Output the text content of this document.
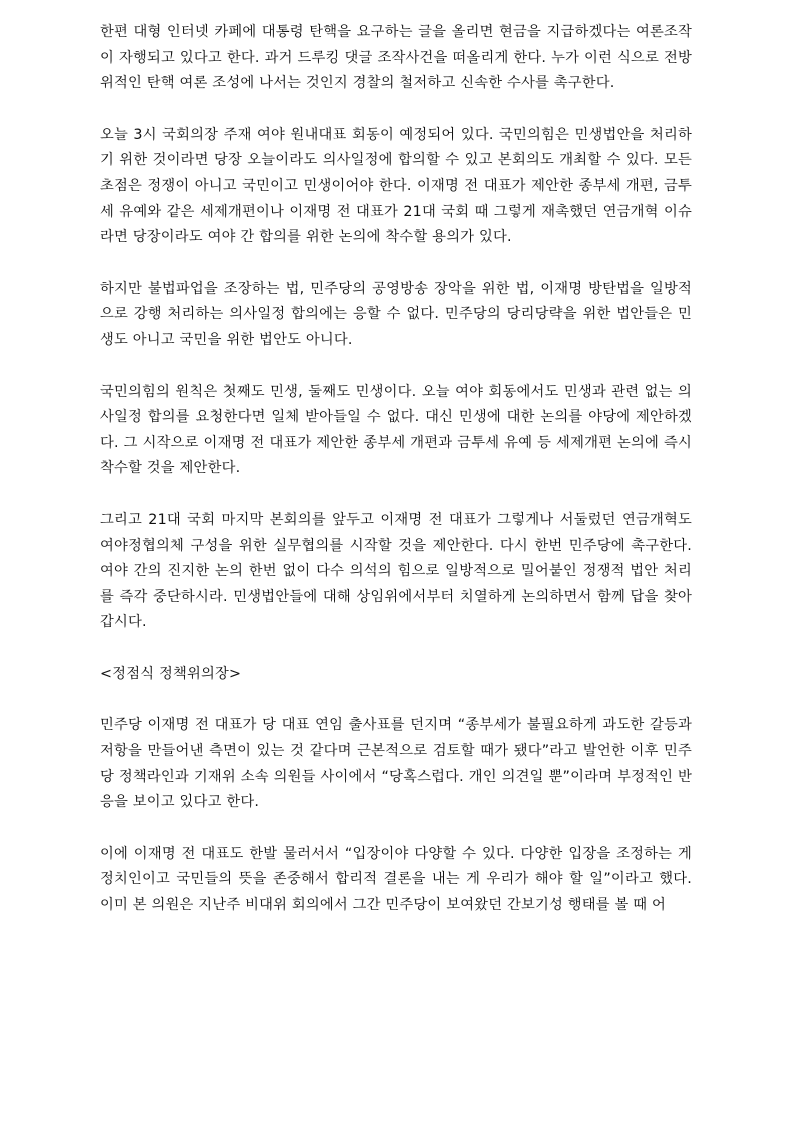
한편 대형 인터넷 카페에 대통령 탄핵을 요구하는 글을 올리면 현금을 지급하겠다는 여론조작이 자행되고 있다고 한다. 과거 드루킹 댓글 조작사건을 떠올리게 한다. 누가 이런 식으로 전방위적인 탄핵 여론 조성에 나서는 것인지 경찰의 철저하고 신속한 수사를 촉구한다.

오늘 3시 국회의장 주재 여야 원내대표 회동이 예정되어 있다. 국민의힘은 민생법안을 처리하기 위한 것이라면 당장 오늘이라도 의사일정에 합의할 수 있고 본회의도 개최할 수 있다. 모든 초점은 정쟁이 아니고 국민이고 민생이어야 한다. 이재명 전 대표가 제안한 종부세 개편, 금투세 유예와 같은 세제개편이나 이재명 전 대표가 21대 국회 때 그렇게 재촉했던 연금개혁 이슈라면 당장이라도 여야 간 합의를 위한 논의에 착수할 용의가 있다.

하지만 불법파업을 조장하는 법, 민주당의 공영방송 장악을 위한 법, 이재명 방탄법을 일방적으로 강행 처리하는 의사일정 합의에는 응할 수 없다. 민주당의 당리당략을 위한 법안들은 민생도 아니고 국민을 위한 법안도 아니다.

국민의힘의 원칙은 첫째도 민생, 둘째도 민생이다. 오늘 여야 회동에서도 민생과 관련 없는 의사일정 합의를 요청한다면 일체 받아들일 수 없다. 대신 민생에 대한 논의를 야당에 제안하겠다. 그 시작으로 이재명 전 대표가 제안한 종부세 개편과 금투세 유예 등 세제개편 논의에 즉시 착수할 것을 제안한다.

그리고 21대 국회 마지막 본회의를 앞두고 이재명 전 대표가 그렇게나 서둘렀던 연금개혁도 여야정협의체 구성을 위한 실무협의를 시작할 것을 제안한다. 다시 한번 민주당에 촉구한다. 여야 간의 진지한 논의 한번 없이 다수 의석의 힘으로 일방적으로 밀어붙인 정쟁적 법안 처리를 즉각 중단하시라. 민생법안들에 대해 상임위에서부터 치열하게 논의하면서 함께 답을 찾아갑시다.

<정점식 정책위의장>

민주당 이재명 전 대표가 당 대표 연임 출사표를 던지며 “종부세가 불필요하게 과도한 갈등과 저항을 만들어낸 측면이 있는 것 같다며 근본적으로 검토할 때가 됐다”라고 발언한 이후 민주당 정책라인과 기재위 소속 의원들 사이에서 “당혹스럽다. 개인 의견일 뿐”이라며 부정적인 반응을 보이고 있다고 한다.

이에 이재명 전 대표도 한발 물러서서 “입장이야 다양할 수 있다. 다양한 입장을 조정하는 게 정치인이고 국민들의 뜻을 존중해서 합리적 결론을 내는 게 우리가 해야 할 일”이라고 했다. 이미 본 의원은 지난주 비대위 회의에서 그간 민주당이 보여왔던 간보기성 행태를 볼 때 어
